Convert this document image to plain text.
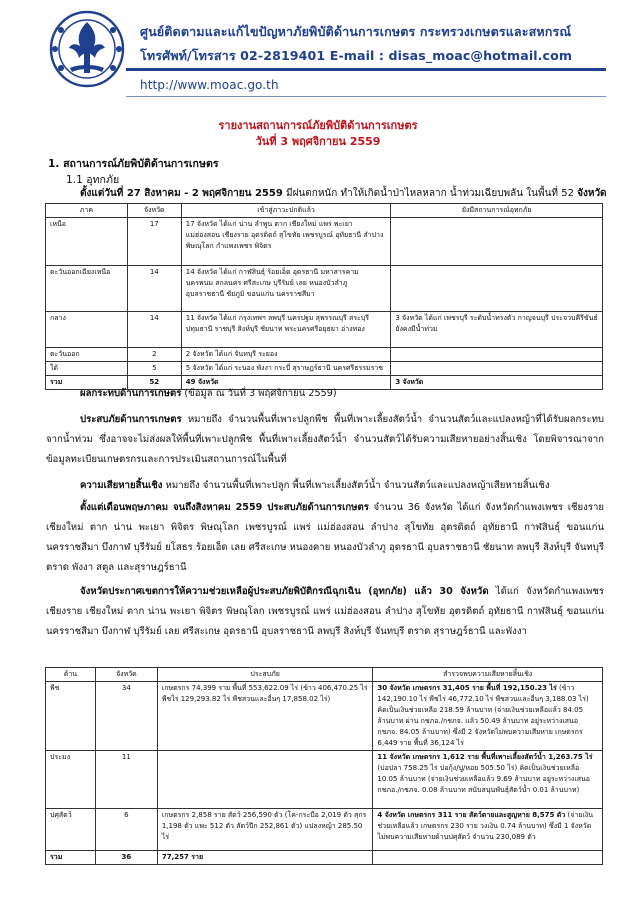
ศูนย์ติดตามและแก้ไขปัญหาภัยพิบัติด้านการเกษตร กระทรวงเกษตรและสหกรณ์
โทรศัพท์/โทรสาร 02-2819401 E-mail : disas_moac@hotmail.com
http://www.moac.go.th
รายงานสถานการณ์ภัยพิบัติด้านการเกษตร
วันที่ 3 พฤศจิกายน 2559
1. สถานการณ์ภัยพิบัติด้านการเกษตร
1.1 อุทกภัย
ตั้งแต่วันที่ 27 สิงหาคม - 2 พฤศจิกายน 2559 มีฝนตกหนัก ทำให้เกิดน้ำป่าไหลหลาก น้ำท่วมเฉียบพลัน ในพื้นที่ 52 จังหวัด
ภาค	จังหวัด	เข้าสู่ภาวะปกติแล้ว	ยังมีสถานการณ์อุทกภัย
เหนือ	17	17 จังหวัด ได้แก่ น่าน ลำพูน ตาก เชียงใหม่ แพร่ พะเยา แม่ฮ่องสอน เชียงราย อุตรดิตถ์ สุโขทัย เพชรบูรณ์ อุทัยธานี ลำปาง พิษณุโลก กำแพงเพชร พิจิตร	
ตะวันออกเฉียงเหนือ	14	14 จังหวัด ได้แก่ กาฬสินธุ์ ร้อยเอ็ด อุดรธานี มหาสารคาม นครพนม สกลนคร ศรีสะเกษ บุรีรัมย์ เลย หนองบัวลำภู อุบลราชธานี ชัยภูมิ ขอนแก่น นครราชสีมา	
กลาง	14	11 จังหวัด ได้แก่ กรุงเทพฯ ลพบุรี นครปฐม สุพรรณบุรี สระบุรี ปทุมธานี ราชบุรี สิงห์บุรี ชัยนาท พระนครศรีอยุธยา อ่างทอง	3 จังหวัด ได้แก่ เพชรบุรี ระดับน้ำทรงตัว กาญจนบุรี ประจวบคีรีขันธ์ยังคงมีน้ำท่วม
ตะวันออก	2	2 จังหวัด ได้แก่ จันทบุรี ระยอง	
ใต้	5	5 จังหวัด ได้แก่ ระนอง พังงา กระบี่ สุราษฎร์ธานี นครศรีธรรมราช	
รวม	52	49 จังหวัด	3 จังหวัด
ผลกระทบด้านการเกษตร (ข้อมูล ณ วันที่ 3 พฤศจิกายน 2559)
ประสบภัยด้านการเกษตร หมายถึง จำนวนพื้นที่เพาะปลูกพืช พื้นที่เพาะเลี้ยงสัตว์น้ำ จำนวนสัตว์และแปลงหญ้าที่ได้รับผลกระทบจากน้ำท่วม ซึ่งอาจจะไม่ส่งผลให้พื้นที่เพาะปลูกพืช พื้นที่เพาะเลี้ยงสัตว์น้ำ จำนวนสัตว์ได้รับความเสียหายอย่างสิ้นเชิง โดยพิจารณาจากข้อมูลทะเบียนเกษตรกรและการประเมินสถานการณ์ในพื้นที่
ความเสียหายสิ้นเชิง หมายถึง จำนวนพื้นที่เพาะปลูก พื้นที่เพาะเลี้ยงสัตว์น้ำ จำนวนสัตว์และแปลงหญ้าเสียหายสิ้นเชิง
ตั้งแต่เดือนพฤษภาคม จนถึงสิงหาคม 2559 ประสบภัยด้านการเกษตร จำนวน 36 จังหวัด ได้แก่ จังหวัดกำแพงเพชร เชียงราย เชียงใหม่ ตาก น่าน พะเยา พิจิตร พิษณุโลก เพชรบูรณ์ แพร่ แม่ฮ่องสอน ลำปาง สุโขทัย อุตรดิตถ์ อุทัยธานี กาฬสินธุ์ ขอนแก่น นครราชสีมา บึงกาฬ บุรีรัมย์ ยโสธร ร้อยเอ็ด เลย ศรีสะเกษ หนองคาย หนองบัวลำภู อุดรธานี อุบลราชธานี ชัยนาท ลพบุรี สิงห์บุรี จันทบุรี ตราด พังงา สตูล และสุราษฎร์ธานี
จังหวัดประกาศเขตการให้ความช่วยเหลือผู้ประสบภัยพิบัติกรณีฉุกเฉิน (อุทกภัย) แล้ว 30 จังหวัด ได้แก่ จังหวัดกำแพงเพชร เชียงราย เชียงใหม่ ตาก น่าน พะเยา พิจิตร พิษณุโลก เพชรบูรณ์ แพร่ แม่ฮ่องสอน ลำปาง สุโขทัย อุตรดิตถ์ อุทัยธานี กาฬสินธุ์ ขอนแก่น นครราชสีมา บึงกาฬ บุรีรัมย์ เลย ศรีสะเกษ อุดรธานี อุบลราชธานี ลพบุรี สิงห์บุรี จันทบุรี ตราด สุราษฎร์ธานี และพังงา
ด้าน	จังหวัด	ประสบภัย	สำรวจพบความเสียหายสิ้นเชิง
พืช	34	เกษตรกร 74,399 ราย พื้นที่ 553,622.09 ไร่ (ข้าว 406,470.25 ไร่ พืชไร่ 129,293.82 ไร่ พืชสวนและอื่นๆ 17,858.02 ไร่)	30 จังหวัด เกษตรกร 31,405 ราย พื้นที่ 192,150.23 ไร่ (ข้าว 142,190.10 ไร่ พืชไร่ 46,772.10 ไร่ พืชสวนและอื่นๆ 3,188.03 ไร่) คิดเป็นเงินช่วยเหลือ 218.59 ล้านบาท (จ่ายเงินช่วยเหลือแล้ว 84.05 ล้านบาท ผ่าน กชภอ./กชภจ. แล้ว 50.49 ล้านบาท อยู่ระหว่างเสนอ กชภจ. 84.05 ล้านบาท) ซึ่งมี 2 จังหวัดไม่พบความเสียหาย เกษตรกร 6,449 ราย พื้นที่ 36,124 ไร่
ประมง	11		11 จังหวัด เกษตรกร 1,612 ราย พื้นที่เพาะเลี้ยงสัตว์น้ำ 1,263.75 ไร่ (บ่อปลา 758.25 ไร่ บ่อกุ้ง/ปู/หอย 505.50 ไร่) คิดเป็นเงินช่วยเหลือ 10.05 ล้านบาท (จ่ายเงินช่วยเหลือแล้ว 9.69 ล้านบาท อยู่ระหว่างเสนอ กชภอ./กชภจ. 0.08 ล้านบาท สนับสนุนพันธุ์สัตว์น้ำ 0.01 ล้านบาท)
ปศุสัตว์	6	เกษตรกร 2,858 ราย สัตว์ 256,590 ตัว (โค-กระบือ 2,019 ตัว สุกร 1,198 ตัว แพะ 512 ตัว สัตว์ปีก 252,861 ตัว) แปลงหญ้า 285.50 ไร่	4 จังหวัด เกษตรกร 311 ราย สัตว์ตายและสูญหาย 8,575 ตัว (จ่ายเงินช่วยเหลือแล้ว เกษตรกร 230 ราย วงเงิน 0.74 ล้านบาท) ซึ่งมี 1 จังหวัดไม่พบความเสียหายด้านปศุสัตว์ จำนวน 230,089 ตัว
รวม	36	77,257 ราย	
